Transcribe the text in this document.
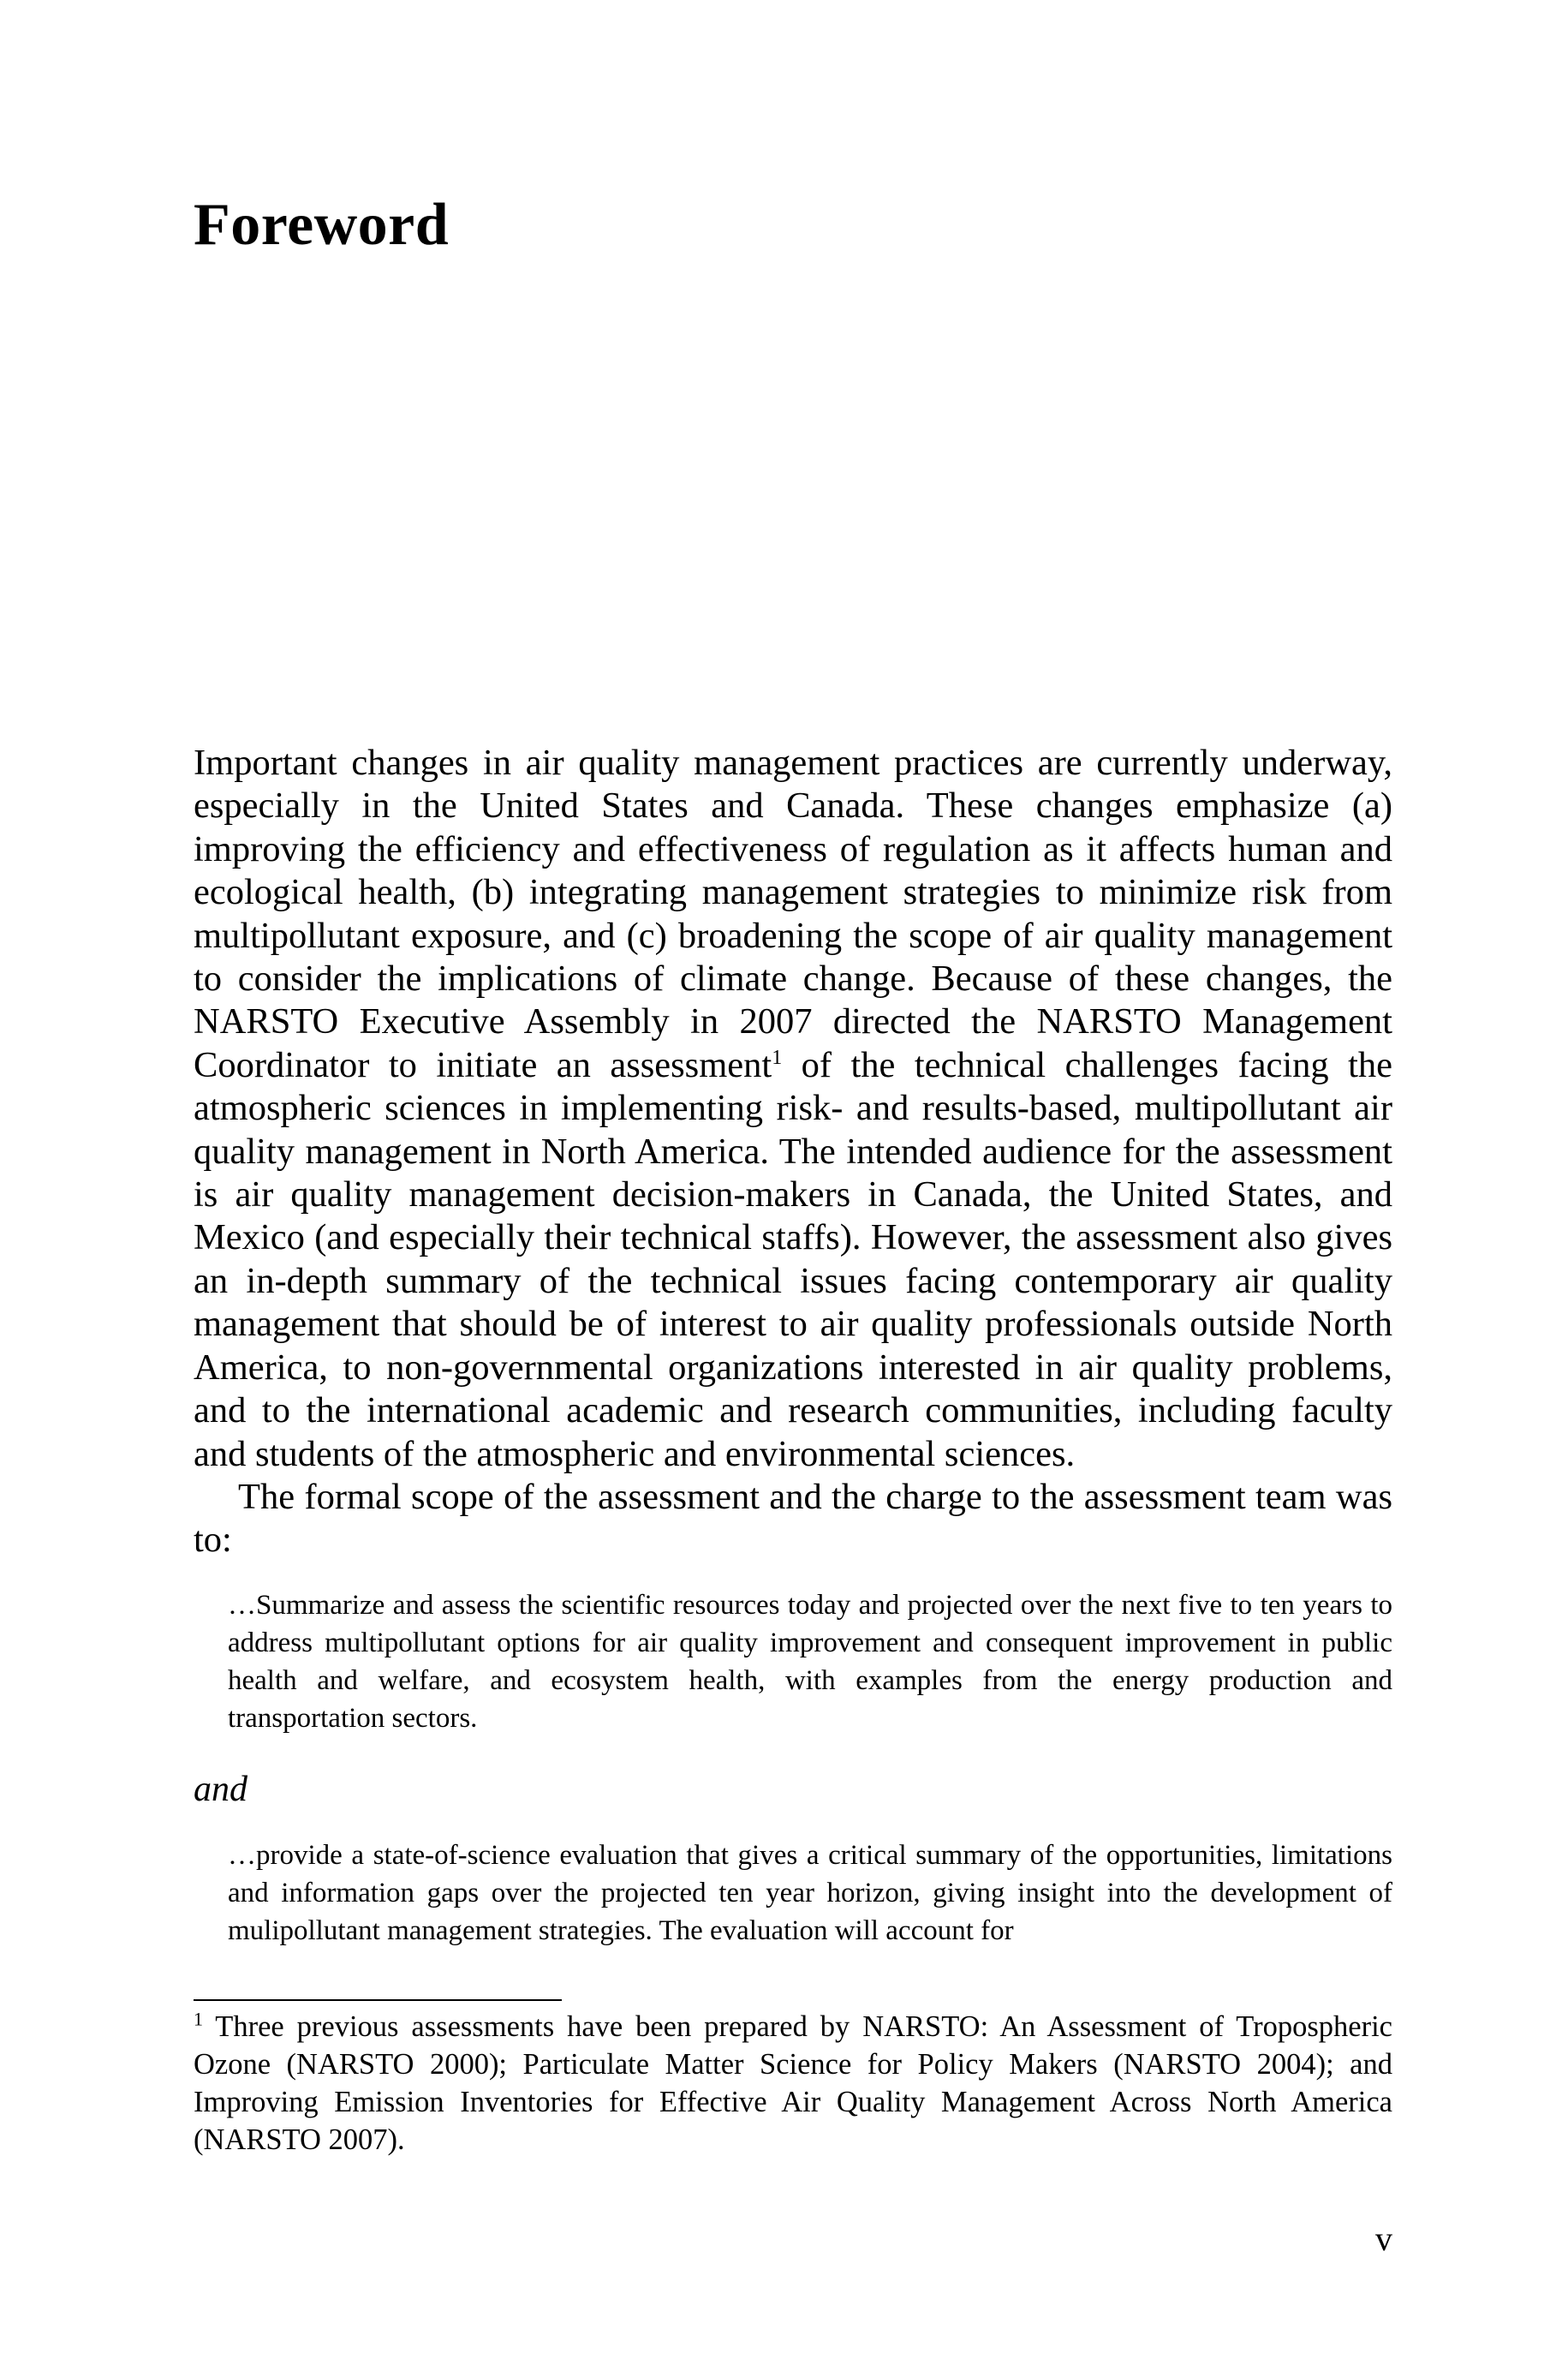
Foreword

Important changes in air quality management practices are currently underway, especially in the United States and Canada. These changes emphasize (a) improving the efficiency and effectiveness of regulation as it affects human and ecological health, (b) integrating management strategies to minimize risk from multipollutant exposure, and (c) broadening the scope of air quality management to consider the implications of climate change. Because of these changes, the NARSTO Executive Assembly in 2007 directed the NARSTO Management Coordinator to initiate an assessment$^1$ of the technical challenges facing the atmospheric sciences in implementing risk- and results-based, multipollutant air quality management in North America. The intended audience for the assessment is air quality management decision-makers in Canada, the United States, and Mexico (and especially their technical staffs). However, the assessment also gives an in-depth summary of the technical issues facing contemporary air quality management that should be of interest to air quality professionals outside North America, to non-governmental organizations interested in air quality problems, and to the international academic and research communities, including faculty and students of the atmospheric and environmental sciences.

The formal scope of the assessment and the charge to the assessment team was to:

…Summarize and assess the scientific resources today and projected over the next five to ten years to address multipollutant options for air quality improvement and consequent improvement in public health and welfare, and ecosystem health, with examples from the energy production and transportation sectors.

and

…provide a state-of-science evaluation that gives a critical summary of the opportunities, limitations and information gaps over the projected ten year horizon, giving insight into the development of mulipollutant management strategies. The evaluation will account for

$^1$ Three previous assessments have been prepared by NARSTO: An Assessment of Tropospheric Ozone (NARSTO 2000); Particulate Matter Science for Policy Makers (NARSTO 2004); and Improving Emission Inventories for Effective Air Quality Management Across North America (NARSTO 2007).

v
